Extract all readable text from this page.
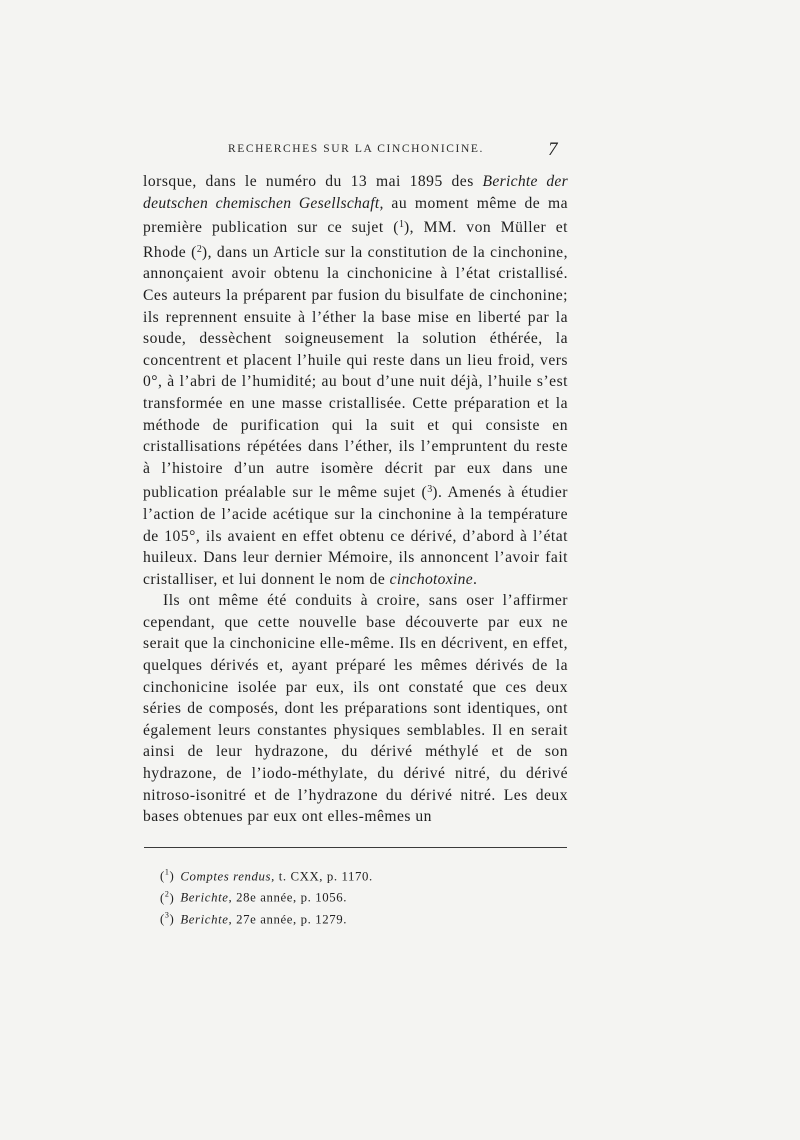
RECHERCHES SUR LA CINCHONICINE.	7

lorsque, dans le numéro du 13 mai 1895 des Berichte der deutschen chemischen Gesellschaft, au moment même de ma première publication sur ce sujet ($^1$), MM. von Müller et Rhode ($^2$), dans un Article sur la constitution de la cinchonine, annonçaient avoir obtenu la cinchonicine à l’état cristallisé. Ces auteurs la préparent par fusion du bisulfate de cinchonine; ils reprennent ensuite à l’éther la base mise en liberté par la soude, dessèchent soigneusement la solution éthérée, la concentrent et placent l’huile qui reste dans un lieu froid, vers 0°, à l’abri de l’humidité; au bout d’une nuit déjà, l’huile s’est transformée en une masse cristallisée. Cette préparation et la méthode de purification qui la suit et qui consiste en cristallisations répétées dans l’éther, ils l’empruntent du reste à l’histoire d’un autre isomère décrit par eux dans une publication préalable sur le même sujet ($^3$). Amenés à étudier l’action de l’acide acétique sur la cinchonine à la température de 105°, ils avaient en effet obtenu ce dérivé, d’abord à l’état huileux. Dans leur dernier Mémoire, ils annoncent l’avoir fait cristalliser, et lui donnent le nom de cinchotoxine.

Ils ont même été conduits à croire, sans oser l’affirmer cependant, que cette nouvelle base découverte par eux ne serait que la cinchonicine elle-même. Ils en décrivent, en effet, quelques dérivés et, ayant préparé les mêmes dérivés de la cinchonicine isolée par eux, ils ont constaté que ces deux séries de composés, dont les préparations sont identiques, ont également leurs constantes physiques semblables. Il en serait ainsi de leur hydrazone, du dérivé méthylé et de son hydrazone, de l’iodo-méthylate, du dérivé nitré, du dérivé nitroso-isonitré et de l’hydrazone du dérivé nitré. Les deux bases obtenues par eux ont elles-mêmes un

($^1$) Comptes rendus, t. CXX, p. 1170.
($^2$) Berichte, 28e année, p. 1056.
($^3$) Berichte, 27e année, p. 1279.
